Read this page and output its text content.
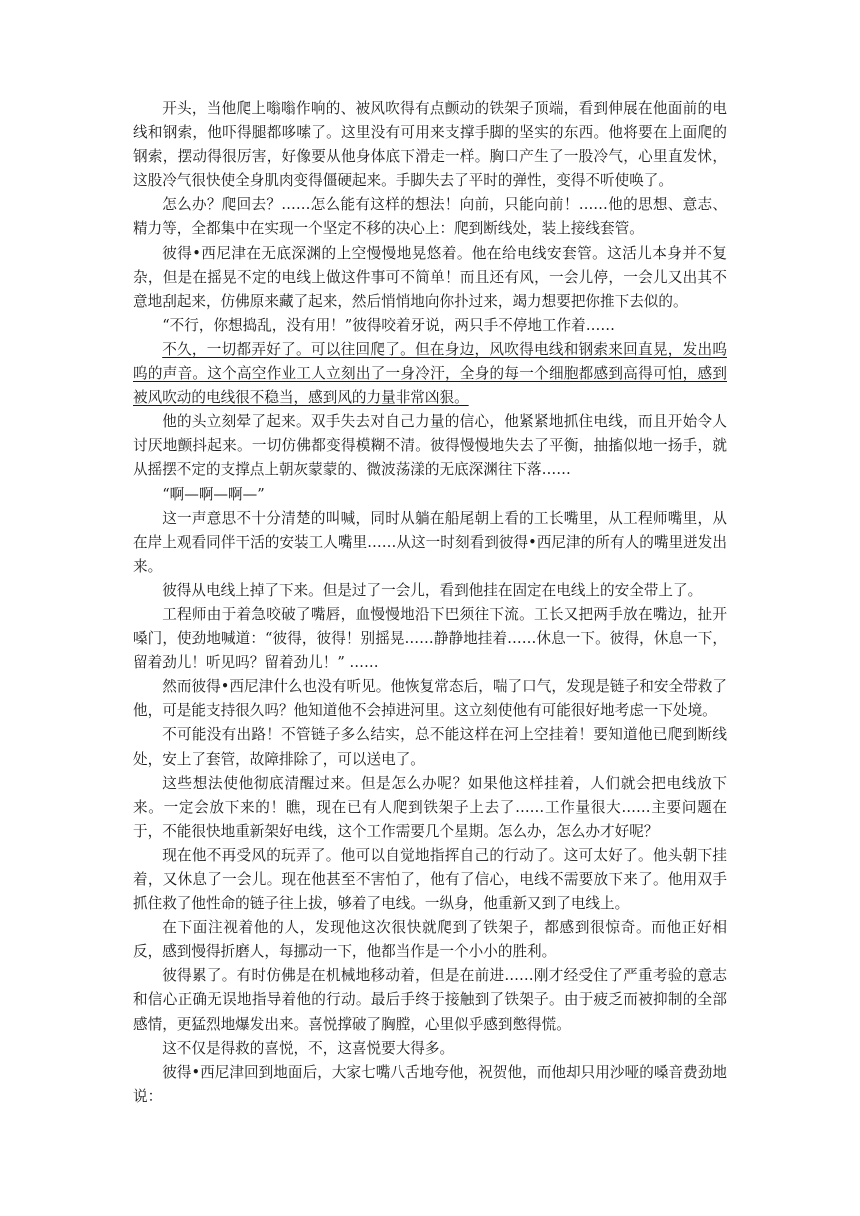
开头，当他爬上嗡嗡作响的、被风吹得有点颤动的铁架子顶端，看到伸展在他面前的电线和钢索，他吓得腿都哆嗦了。这里没有可用来支撑手脚的坚实的东西。他将要在上面爬的钢索，摆动得很厉害，好像要从他身体底下滑走一样。胸口产生了一股冷气，心里直发怵，这股冷气很快使全身肌肉变得僵硬起来。手脚失去了平时的弹性，变得不听使唤了。

怎么办？爬回去？……怎么能有这样的想法！向前，只能向前！……他的思想、意志、精力等，全都集中在实现一个坚定不移的决心上：爬到断线处，装上接线套管。

彼得•西尼津在无底深渊的上空慢慢地晃悠着。他在给电线安套管。这活儿本身并不复杂，但是在摇晃不定的电线上做这件事可不简单！而且还有风，一会儿停，一会儿又出其不意地刮起来，仿佛原来藏了起来，然后悄悄地向你扑过来，竭力想要把你推下去似的。

“不行，你想捣乱，没有用！”彼得咬着牙说，两只手不停地工作着……

不久，一切都弄好了。可以往回爬了。但在身边，风吹得电线和钢索来回直晃，发出呜呜的声音。这个高空作业工人立刻出了一身冷汗，全身的每一个细胞都感到高得可怕，感到被风吹动的电线很不稳当，感到风的力量非常凶狠。

他的头立刻晕了起来。双手失去对自己力量的信心，他紧紧地抓住电线，而且开始令人讨厌地颤抖起来。一切仿佛都变得模糊不清。彼得慢慢地失去了平衡，抽搐似地一扬手，就从摇摆不定的支撑点上朝灰蒙蒙的、微波荡漾的无底深渊往下落……

“啊—啊—啊—”

这一声意思不十分清楚的叫喊，同时从躺在船尾朝上看的工长嘴里，从工程师嘴里，从在岸上观看同伴干活的安装工人嘴里……从这一时刻看到彼得•西尼津的所有人的嘴里迸发出来。

彼得从电线上掉了下来。但是过了一会儿，看到他挂在固定在电线上的安全带上了。

工程师由于着急咬破了嘴唇，血慢慢地沿下巴须往下流。工长又把两手放在嘴边，扯开嗓门，使劲地喊道：“彼得，彼得！别摇晃……静静地挂着……休息一下。彼得，休息一下，留着劲儿！听见吗？留着劲儿！” ……

然而彼得•西尼津什么也没有听见。他恢复常态后，喘了口气，发现是链子和安全带救了他，可是能支持很久吗？他知道他不会掉进河里。这立刻使他有可能很好地考虑一下处境。

不可能没有出路！不管链子多么结实，总不能这样在河上空挂着！要知道他已爬到断线处，安上了套管，故障排除了，可以送电了。

这些想法使他彻底清醒过来。但是怎么办呢？如果他这样挂着，人们就会把电线放下来。一定会放下来的！瞧，现在已有人爬到铁架子上去了……工作量很大……主要问题在于，不能很快地重新架好电线，这个工作需要几个星期。怎么办，怎么办才好呢？

现在他不再受风的玩弄了。他可以自觉地指挥自己的行动了。这可太好了。他头朝下挂着，又休息了一会儿。现在他甚至不害怕了，他有了信心，电线不需要放下来了。他用双手抓住救了他性命的链子往上拔，够着了电线。一纵身，他重新又到了电线上。

在下面注视着他的人，发现他这次很快就爬到了铁架子，都感到很惊奇。而他正好相反，感到慢得折磨人，每挪动一下，他都当作是一个小小的胜利。

彼得累了。有时仿佛是在机械地移动着，但是在前进……刚才经受住了严重考验的意志和信心正确无误地指导着他的行动。最后手终于接触到了铁架子。由于疲乏而被抑制的全部感情，更猛烈地爆发出来。喜悦撑破了胸膛，心里似乎感到憋得慌。

这不仅是得救的喜悦，不，这喜悦要大得多。

彼得•西尼津回到地面后，大家七嘴八舌地夸他，祝贺他，而他却只用沙哑的嗓音费劲地说：
